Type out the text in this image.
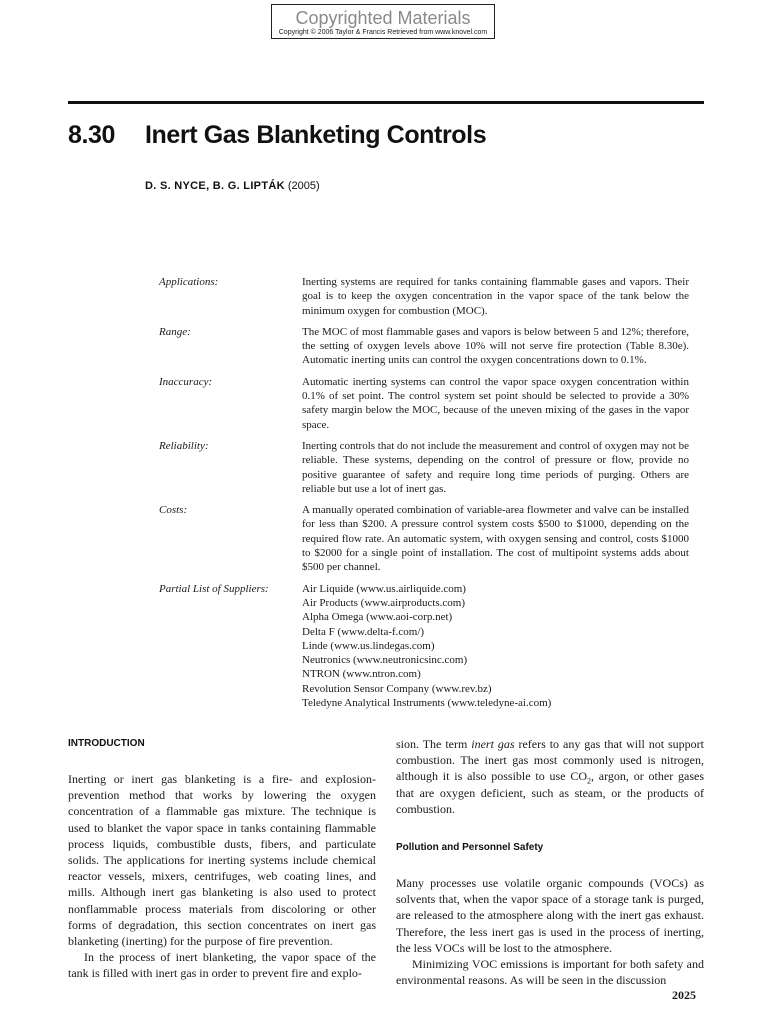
Copyrighted Materials
Copyright © 2006 Taylor & Francis Retrieved from www.knovel.com
8.30 Inert Gas Blanketing Controls
D. S. NYCE, B. G. LIPTÁK (2005)
Applications:	Inerting systems are required for tanks containing flammable gases and vapors. Their goal is to keep the oxygen concentration in the vapor space of the tank below the minimum oxygen for combustion (MOC).
Range:	The MOC of most flammable gases and vapors is below between 5 and 12%; therefore, the setting of oxygen levels above 10% will not serve fire protection (Table 8.30e). Automatic inerting units can control the oxygen concentrations down to 0.1%.
Inaccuracy:	Automatic inerting systems can control the vapor space oxygen concentration within 0.1% of set point. The control system set point should be selected to provide a 30% safety margin below the MOC, because of the uneven mixing of the gases in the vapor space.
Reliability:	Inerting controls that do not include the measurement and control of oxygen may not be reliable. These systems, depending on the control of pressure or flow, provide no positive guarantee of safety and require long time periods of purging. Others are reliable but use a lot of inert gas.
Costs:	A manually operated combination of variable-area flowmeter and valve can be installed for less than $200. A pressure control system costs $500 to $1000, depending on the required flow rate. An automatic system, with oxygen sensing and control, costs $1000 to $2000 for a single point of installation. The cost of multipoint systems adds about $500 per channel.
Partial List of Suppliers:	Air Liquide (www.us.airliquide.com)
Air Products (www.airproducts.com)
Alpha Omega (www.aoi-corp.net)
Delta F (www.delta-f.com/)
Linde (www.us.lindegas.com)
Neutronics (www.neutronicsinc.com)
NTRON (www.ntron.com)
Revolution Sensor Company (www.rev.bz)
Teledyne Analytical Instruments (www.teledyne-ai.com)
INTRODUCTION

Inerting or inert gas blanketing is a fire- and explosion-prevention method that works by lowering the oxygen concentration of a flammable gas mixture. The technique is used to blanket the vapor space in tanks containing flammable process liquids, combustible dusts, fibers, and particulate solids. The applications for inerting systems include chemical reactor vessels, mixers, centrifuges, web coating lines, and mills. Although inert gas blanketing is also used to protect nonflammable process materials from discoloring or other forms of degradation, this section concentrates on inert gas blanketing (inerting) for the purpose of fire prevention.

In the process of inert blanketing, the vapor space of the tank is filled with inert gas in order to prevent fire and explo-

sion. The term inert gas refers to any gas that will not support combustion. The inert gas most commonly used is nitrogen, although it is also possible to use $CO_2$, argon, or other gases that are oxygen deficient, such as steam, or the products of combustion.

Pollution and Personnel Safety

Many processes use volatile organic compounds (VOCs) as solvents that, when the vapor space of a storage tank is purged, are released to the atmosphere along with the inert gas exhaust. Therefore, the less inert gas is used in the process of inerting, the less VOCs will be lost to the atmosphere.

Minimizing VOC emissions is important for both safety and environmental reasons. As will be seen in the discussion

2025
